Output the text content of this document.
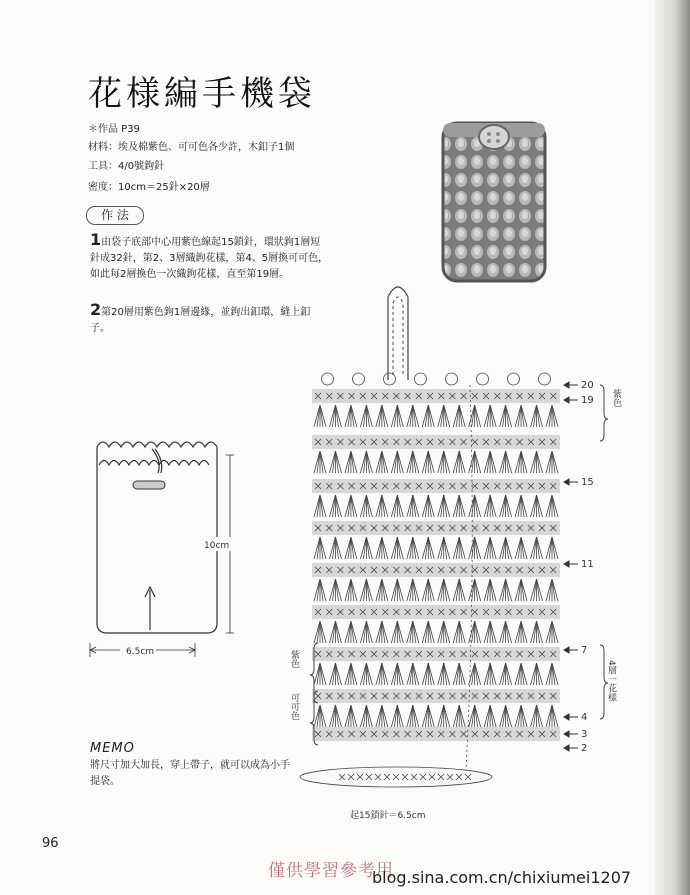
花様編手機袋
＊作品 P39
材料：埃及棉紫色、可可色各少許，木釦子1個
工具：4/0號鉤針
密度：10cm＝25針×20層
作 法
1由袋子底部中心用紫色線起15鎖針，環狀鉤1層短針成32針，第2、3層織鉤花樣，第4、5層換可可色，如此每2層換色一次織鉤花樣，直至第19層。
2第20層用紫色鉤1層邊緣，並鉤出釦環，縫上釦子。
10cm
6.5cm
20
19
15
11
7
4
3
2
紫色
4層一花樣
紫色
可可色
起15鎖針＝6.5cm
MEMO
將尺寸加大加長，穿上帶子，就可以成為小手提袋。
96
僅供學習參考用
blog.sina.com.cn/chixiumei1207
